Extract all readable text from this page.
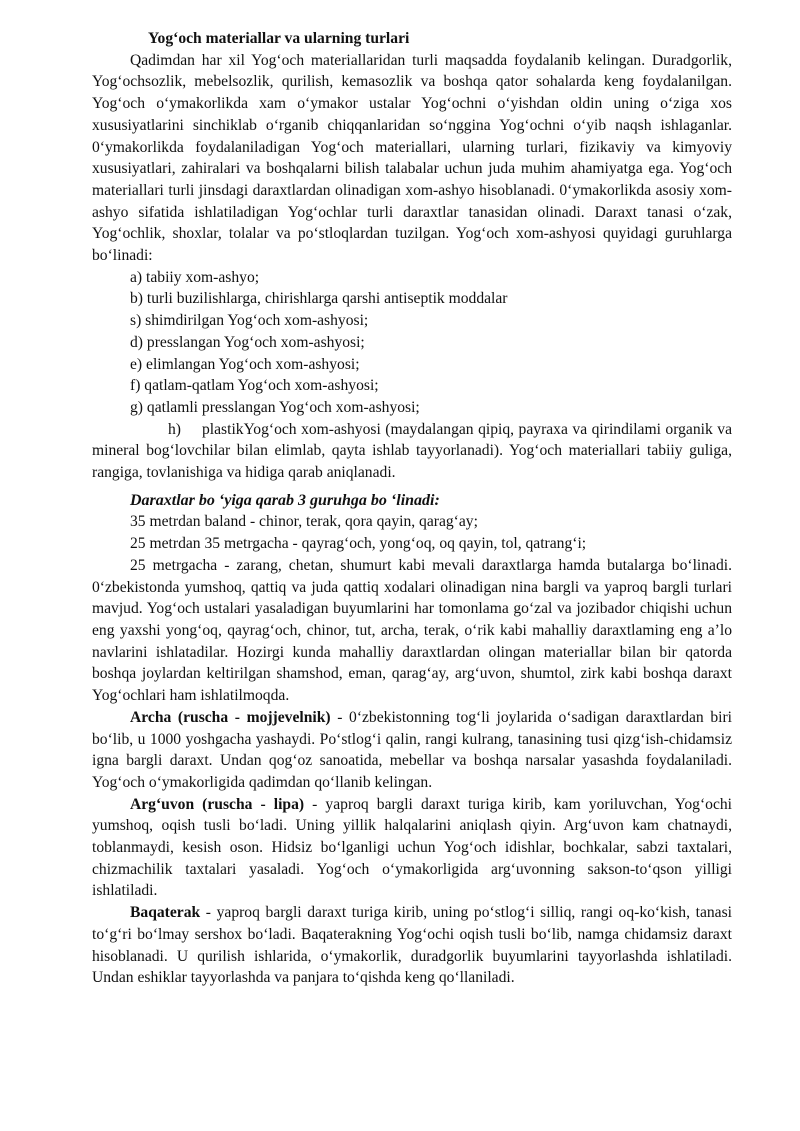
Yog‘och materiallar va ularning turlari

Qadimdan har xil Yog‘och materiallaridan turli maqsadda foydalanib kelingan. Duradgorlik, Yog‘ochsozlik, mebelsozlik, qurilish, kemasozlik va boshqa qator sohalarda keng foydalanilgan. Yog‘och o‘ymakorlikda xam o‘ymakor ustalar Yog‘ochni o‘yishdan oldin uning o‘ziga xos xususiyatlarini sinchiklab o‘rganib chiqqanlaridan so‘nggina Yog‘ochni o‘yib naqsh ishlaganlar. 0‘ymakorlikda foydalaniladigan Yog‘och materiallari, ularning turlari, fizikaviy va kimyoviy xususiyatlari, zahiralari va boshqalarni bilish talabalar uchun juda muhim ahamiyatga ega. Yog‘och materiallari turli jinsdagi daraxtlardan olinadigan xom-ashyo hisoblanadi. 0‘ymakorlikda asosiy xom-ashyo sifatida ishlatiladigan Yog‘ochlar turli daraxtlar tanasidan olinadi. Daraxt tanasi o‘zak, Yog‘ochlik, shoxlar, tolalar va po‘stloqlardan tuzilgan. Yog‘och xom-ashyosi quyidagi guruhlarga bo‘linadi:

a) tabiiy xom-ashyo;

b) turli buzilishlarga, chirishlarga qarshi antiseptik moddalar

s) shimdirilgan Yog‘och xom-ashyosi;

d) presslangan Yog‘och xom-ashyosi;

e) elimlangan Yog‘och xom-ashyosi;

f) qatlam-qatlam Yog‘och xom-ashyosi;

g) qatlamli presslangan Yog‘och xom-ashyosi;

h) plastikYog‘och xom-ashyosi (maydalangan qipiq, payraxa va qirindilami organik va mineral bog‘lovchilar bilan elimlab, qayta ishlab tayyorlanadi). Yog‘och materiallari tabiiy guliga, rangiga, tovlanishiga va hidiga qarab aniqlanadi.

Daraxtlar bo ‘yiga qarab 3 guruhga bo ‘linadi:

35 metrdan baland - chinor, terak, qora qayin, qarag‘ay;

25 metrdan 35 metrgacha - qayrag‘och, yong‘oq, oq qayin, tol, qatrang‘i;

25 metrgacha - zarang, chetan, shumurt kabi mevali daraxtlarga hamda butalarga bo‘linadi. 0‘zbekistonda yumshoq, qattiq va juda qattiq xodalari olinadigan nina bargli va yaproq bargli turlari mavjud. Yog‘och ustalari yasaladigan buyumlarini har tomonlama go‘zal va jozibador chiqishi uchun eng yaxshi yong‘oq, qayrag‘och, chinor, tut, archa, terak, o‘rik kabi mahalliy daraxtlaming eng a’lo navlarini ishlatadilar. Hozirgi kunda mahalliy daraxtlardan olingan materiallar bilan bir qatorda boshqa joylardan keltirilgan shamshod, eman, qarag‘ay, arg‘uvon, shumtol, zirk kabi boshqa daraxt Yog‘ochlari ham ishlatilmoqda.

Archa (ruscha - mojjevelnik) - 0‘zbekistonning tog‘li joylarida o‘sadigan daraxtlardan biri bo‘lib, u 1000 yoshgacha yashaydi. Po‘stlog‘i qalin, rangi kulrang, tanasining tusi qizg‘ish-chidamsiz igna bargli daraxt. Undan qog‘oz sanoatida, mebellar va boshqa narsalar yasashda foydalaniladi. Yog‘och o‘ymakorligida qadimdan qo‘llanib kelingan.

Arg‘uvon (ruscha - lipa) - yaproq bargli daraxt turiga kirib, kam yoriluvchan, Yog‘ochi yumshoq, oqish tusli bo‘ladi. Uning yillik halqalarini aniqlash qiyin. Arg‘uvon kam chatnaydi, toblanmaydi, kesish oson. Hidsiz bo‘lganligi uchun Yog‘och idishlar, bochkalar, sabzi taxtalari, chizmachilik taxtalari yasaladi. Yog‘och o‘ymakorligida arg‘uvonning sakson-to‘qson yilligi ishlatiladi.

Baqaterak - yaproq bargli daraxt turiga kirib, uning po‘stlog‘i silliq, rangi oq-ko‘kish, tanasi to‘g‘ri bo‘lmay sershox bo‘ladi. Baqaterakning Yog‘ochi oqish tusli bo‘lib, namga chidamsiz daraxt hisoblanadi. U qurilish ishlarida, o‘ymakorlik, duradgorlik buyumlarini tayyorlashda ishlatiladi. Undan eshiklar tayyorlashda va panjara to‘qishda keng qo‘llaniladi.
